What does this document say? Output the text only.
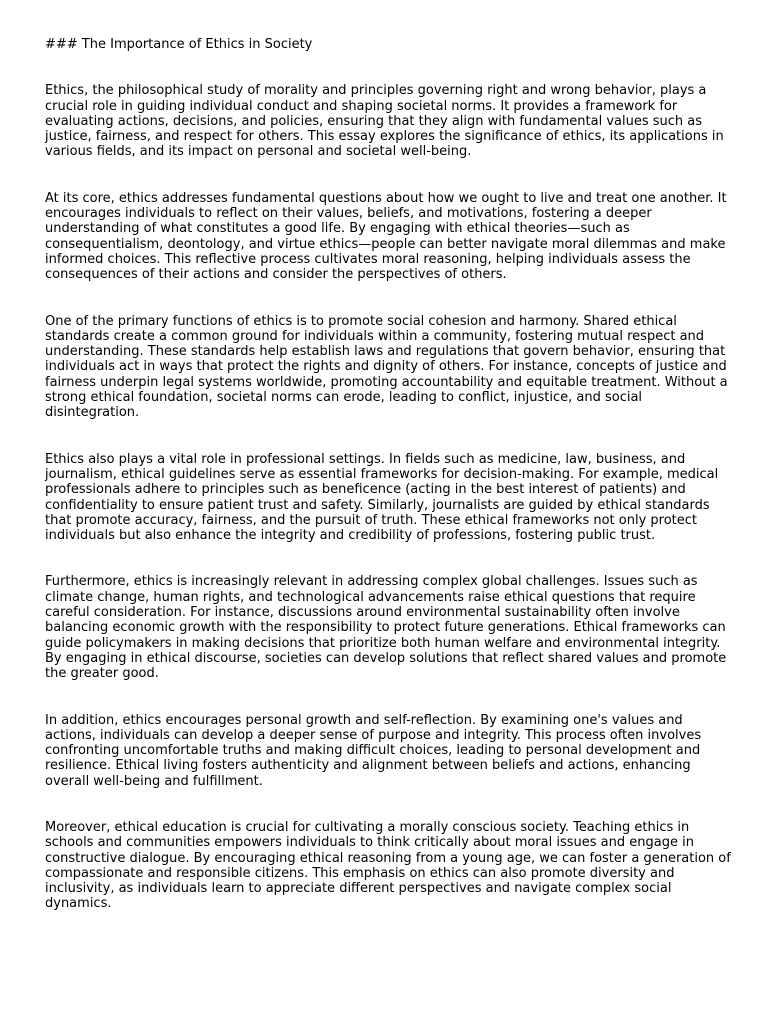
### The Importance of Ethics in Society

Ethics, the philosophical study of morality and principles governing right and wrong behavior, plays a crucial role in guiding individual conduct and shaping societal norms. It provides a framework for evaluating actions, decisions, and policies, ensuring that they align with fundamental values such as justice, fairness, and respect for others. This essay explores the significance of ethics, its applications in various fields, and its impact on personal and societal well-being.

At its core, ethics addresses fundamental questions about how we ought to live and treat one another. It encourages individuals to reflect on their values, beliefs, and motivations, fostering a deeper understanding of what constitutes a good life. By engaging with ethical theories—such as consequentialism, deontology, and virtue ethics—people can better navigate moral dilemmas and make informed choices. This reflective process cultivates moral reasoning, helping individuals assess the consequences of their actions and consider the perspectives of others.

One of the primary functions of ethics is to promote social cohesion and harmony. Shared ethical standards create a common ground for individuals within a community, fostering mutual respect and understanding. These standards help establish laws and regulations that govern behavior, ensuring that individuals act in ways that protect the rights and dignity of others. For instance, concepts of justice and fairness underpin legal systems worldwide, promoting accountability and equitable treatment. Without a strong ethical foundation, societal norms can erode, leading to conflict, injustice, and social disintegration.

Ethics also plays a vital role in professional settings. In fields such as medicine, law, business, and journalism, ethical guidelines serve as essential frameworks for decision-making. For example, medical professionals adhere to principles such as beneficence (acting in the best interest of patients) and confidentiality to ensure patient trust and safety. Similarly, journalists are guided by ethical standards that promote accuracy, fairness, and the pursuit of truth. These ethical frameworks not only protect individuals but also enhance the integrity and credibility of professions, fostering public trust.

Furthermore, ethics is increasingly relevant in addressing complex global challenges. Issues such as climate change, human rights, and technological advancements raise ethical questions that require careful consideration. For instance, discussions around environmental sustainability often involve balancing economic growth with the responsibility to protect future generations. Ethical frameworks can guide policymakers in making decisions that prioritize both human welfare and environmental integrity. By engaging in ethical discourse, societies can develop solutions that reflect shared values and promote the greater good.

In addition, ethics encourages personal growth and self-reflection. By examining one's values and actions, individuals can develop a deeper sense of purpose and integrity. This process often involves confronting uncomfortable truths and making difficult choices, leading to personal development and resilience. Ethical living fosters authenticity and alignment between beliefs and actions, enhancing overall well-being and fulfillment.

Moreover, ethical education is crucial for cultivating a morally conscious society. Teaching ethics in schools and communities empowers individuals to think critically about moral issues and engage in constructive dialogue. By encouraging ethical reasoning from a young age, we can foster a generation of compassionate and responsible citizens. This emphasis on ethics can also promote diversity and inclusivity, as individuals learn to appreciate different perspectives and navigate complex social dynamics.
